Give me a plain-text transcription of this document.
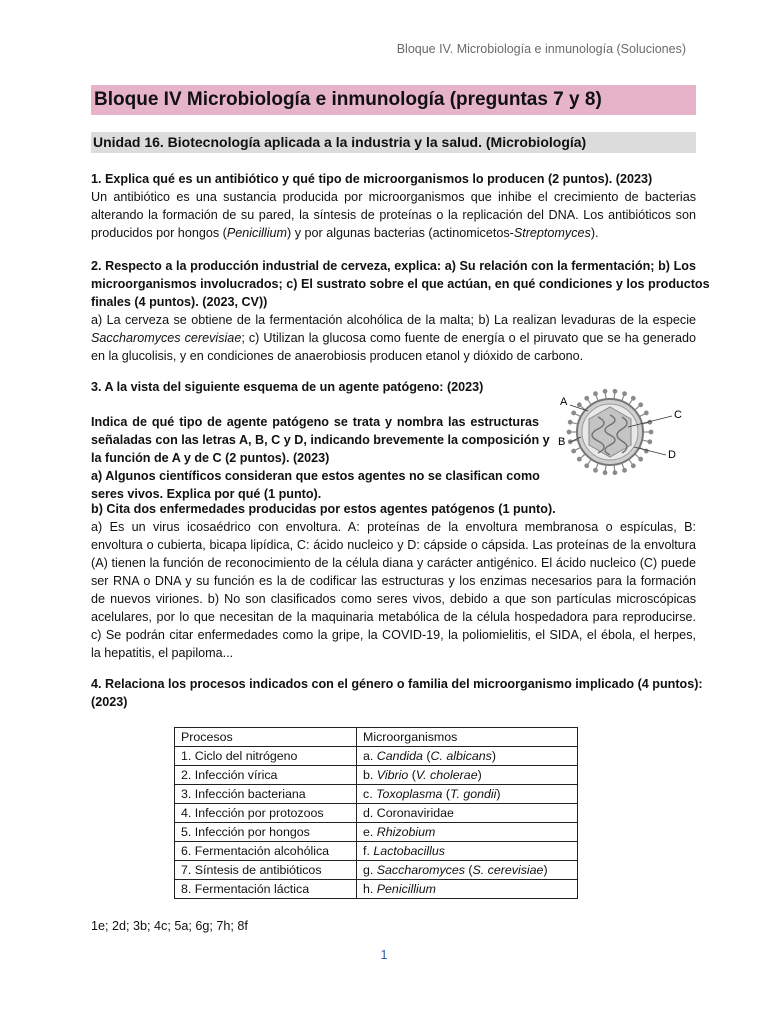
Bloque IV. Microbiología e inmunología (Soluciones)
Bloque IV Microbiología e inmunología (preguntas 7 y 8)
Unidad 16. Biotecnología aplicada a la industria y la salud. (Microbiología)
1. Explica qué es un antibiótico y qué tipo de microorganismos lo producen (2 puntos). (2023)
Un antibiótico es una sustancia producida por microorganismos que inhibe el crecimiento de bacterias
alterando la formación de su pared, la síntesis de proteínas o la replicación del DNA. Los antibióticos son
producidos por hongos (Penicillium) y por algunas bacterias (actinomicetos-Streptomyces).
2. Respecto a la producción industrial de cerveza, explica: a) Su relación con la fermentación; b) Los
microorganismos involucrados; c) El sustrato sobre el que actúan, en qué condiciones y los productos
finales (4 puntos). (2023, CV))
a) La cerveza se obtiene de la fermentación alcohólica de la malta; b) La realizan levaduras de la especie
Saccharomyces cerevisiae; c) Utilizan la glucosa como fuente de energía o el piruvato que se ha generado
en la glucolisis, y en condiciones de anaerobiosis producen etanol y dióxido de carbono.
3. A la vista del siguiente esquema de un agente patógeno: (2023)
Indica de qué tipo de agente patógeno se trata y nombra las estructuras
señaladas con las letras A, B, C y D, indicando brevemente la composición y
la función de A y de C (2 puntos). (2023)
a) Algunos científicos consideran que estos agentes no se clasifican como
seres vivos. Explica por qué (1 punto).
b) Cita dos enfermedades producidas por estos agentes patógenos (1 punto).
a) Es un virus icosaédrico con envoltura. A: proteínas de la envoltura membranosa o espículas, B:
envoltura o cubierta, bicapa lipídica, C: ácido nucleico y D: cápside o cápsida. Las proteínas de la envoltura
(A) tienen la función de reconocimiento de la célula diana y carácter antigénico. El ácido nucleico (C) puede
ser RNA o DNA y su función es la de codificar las estructuras y los enzimas necesarios para la formación
de nuevos viriones. b) No son clasificados como seres vivos, debido a que son partículas microscópicas
acelulares, por lo que necesitan de la maquinaria metabólica de la célula hospedadora para reproducirse.
c) Se podrán citar enfermedades como la gripe, la COVID-19, la poliomielitis, el SIDA, el ébola, el herpes,
la hepatitis, el papiloma...
A
B
C
D
4. Relaciona los procesos indicados con el género o familia del microorganismo implicado (4 puntos):
(2023)
Procesos	Microorganismos
1. Ciclo del nitrógeno	a. Candida (C. albicans)
2. Infección vírica	b. Vibrio (V. cholerae)
3. Infección bacteriana	c. Toxoplasma (T. gondii)
4. Infección por protozoos	d. Coronaviridae
5. Infección por hongos	e. Rhizobium
6. Fermentación alcohólica	f. Lactobacillus
7. Síntesis de antibióticos	g. Saccharomyces (S. cerevisiae)
8. Fermentación láctica	h. Penicillium
1e; 2d; 3b; 4c; 5a; 6g; 7h; 8f
1
